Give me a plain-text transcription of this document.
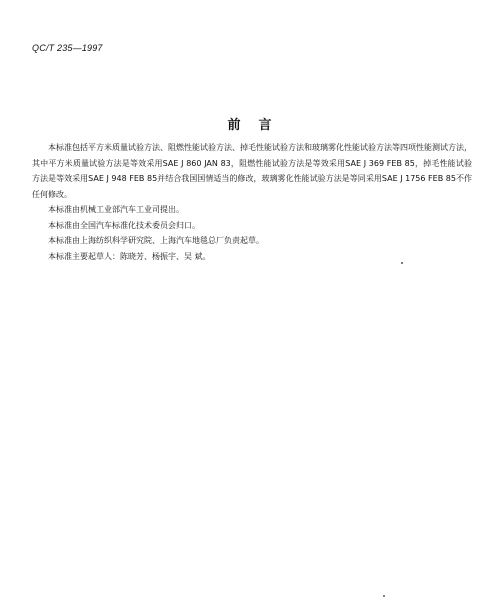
QC/T 235—1997
前言

本标准包括平方米质量试验方法、阻燃性能试验方法、掉毛性能试验方法和玻璃雾化性能试验方法等四项性能测试方法，其中平方米质量试验方法是等效采用SAE J 860 JAN 83，阻燃性能试验方法是等效采用SAE J 369 FEB 85，掉毛性能试验方法是等效采用SAE J 948 FEB 85并结合我国国情适当的修改，玻璃雾化性能试验方法是等同采用SAE J 1756 FEB 85不作任何修改。

本标准由机械工业部汽车工业司提出。

本标准由全国汽车标准化技术委员会归口。

本标准由上海纺织科学研究院、上海汽车地毯总厂负责起草。

本标准主要起草人：陈晓芳、杨振宇、吴 斌。
